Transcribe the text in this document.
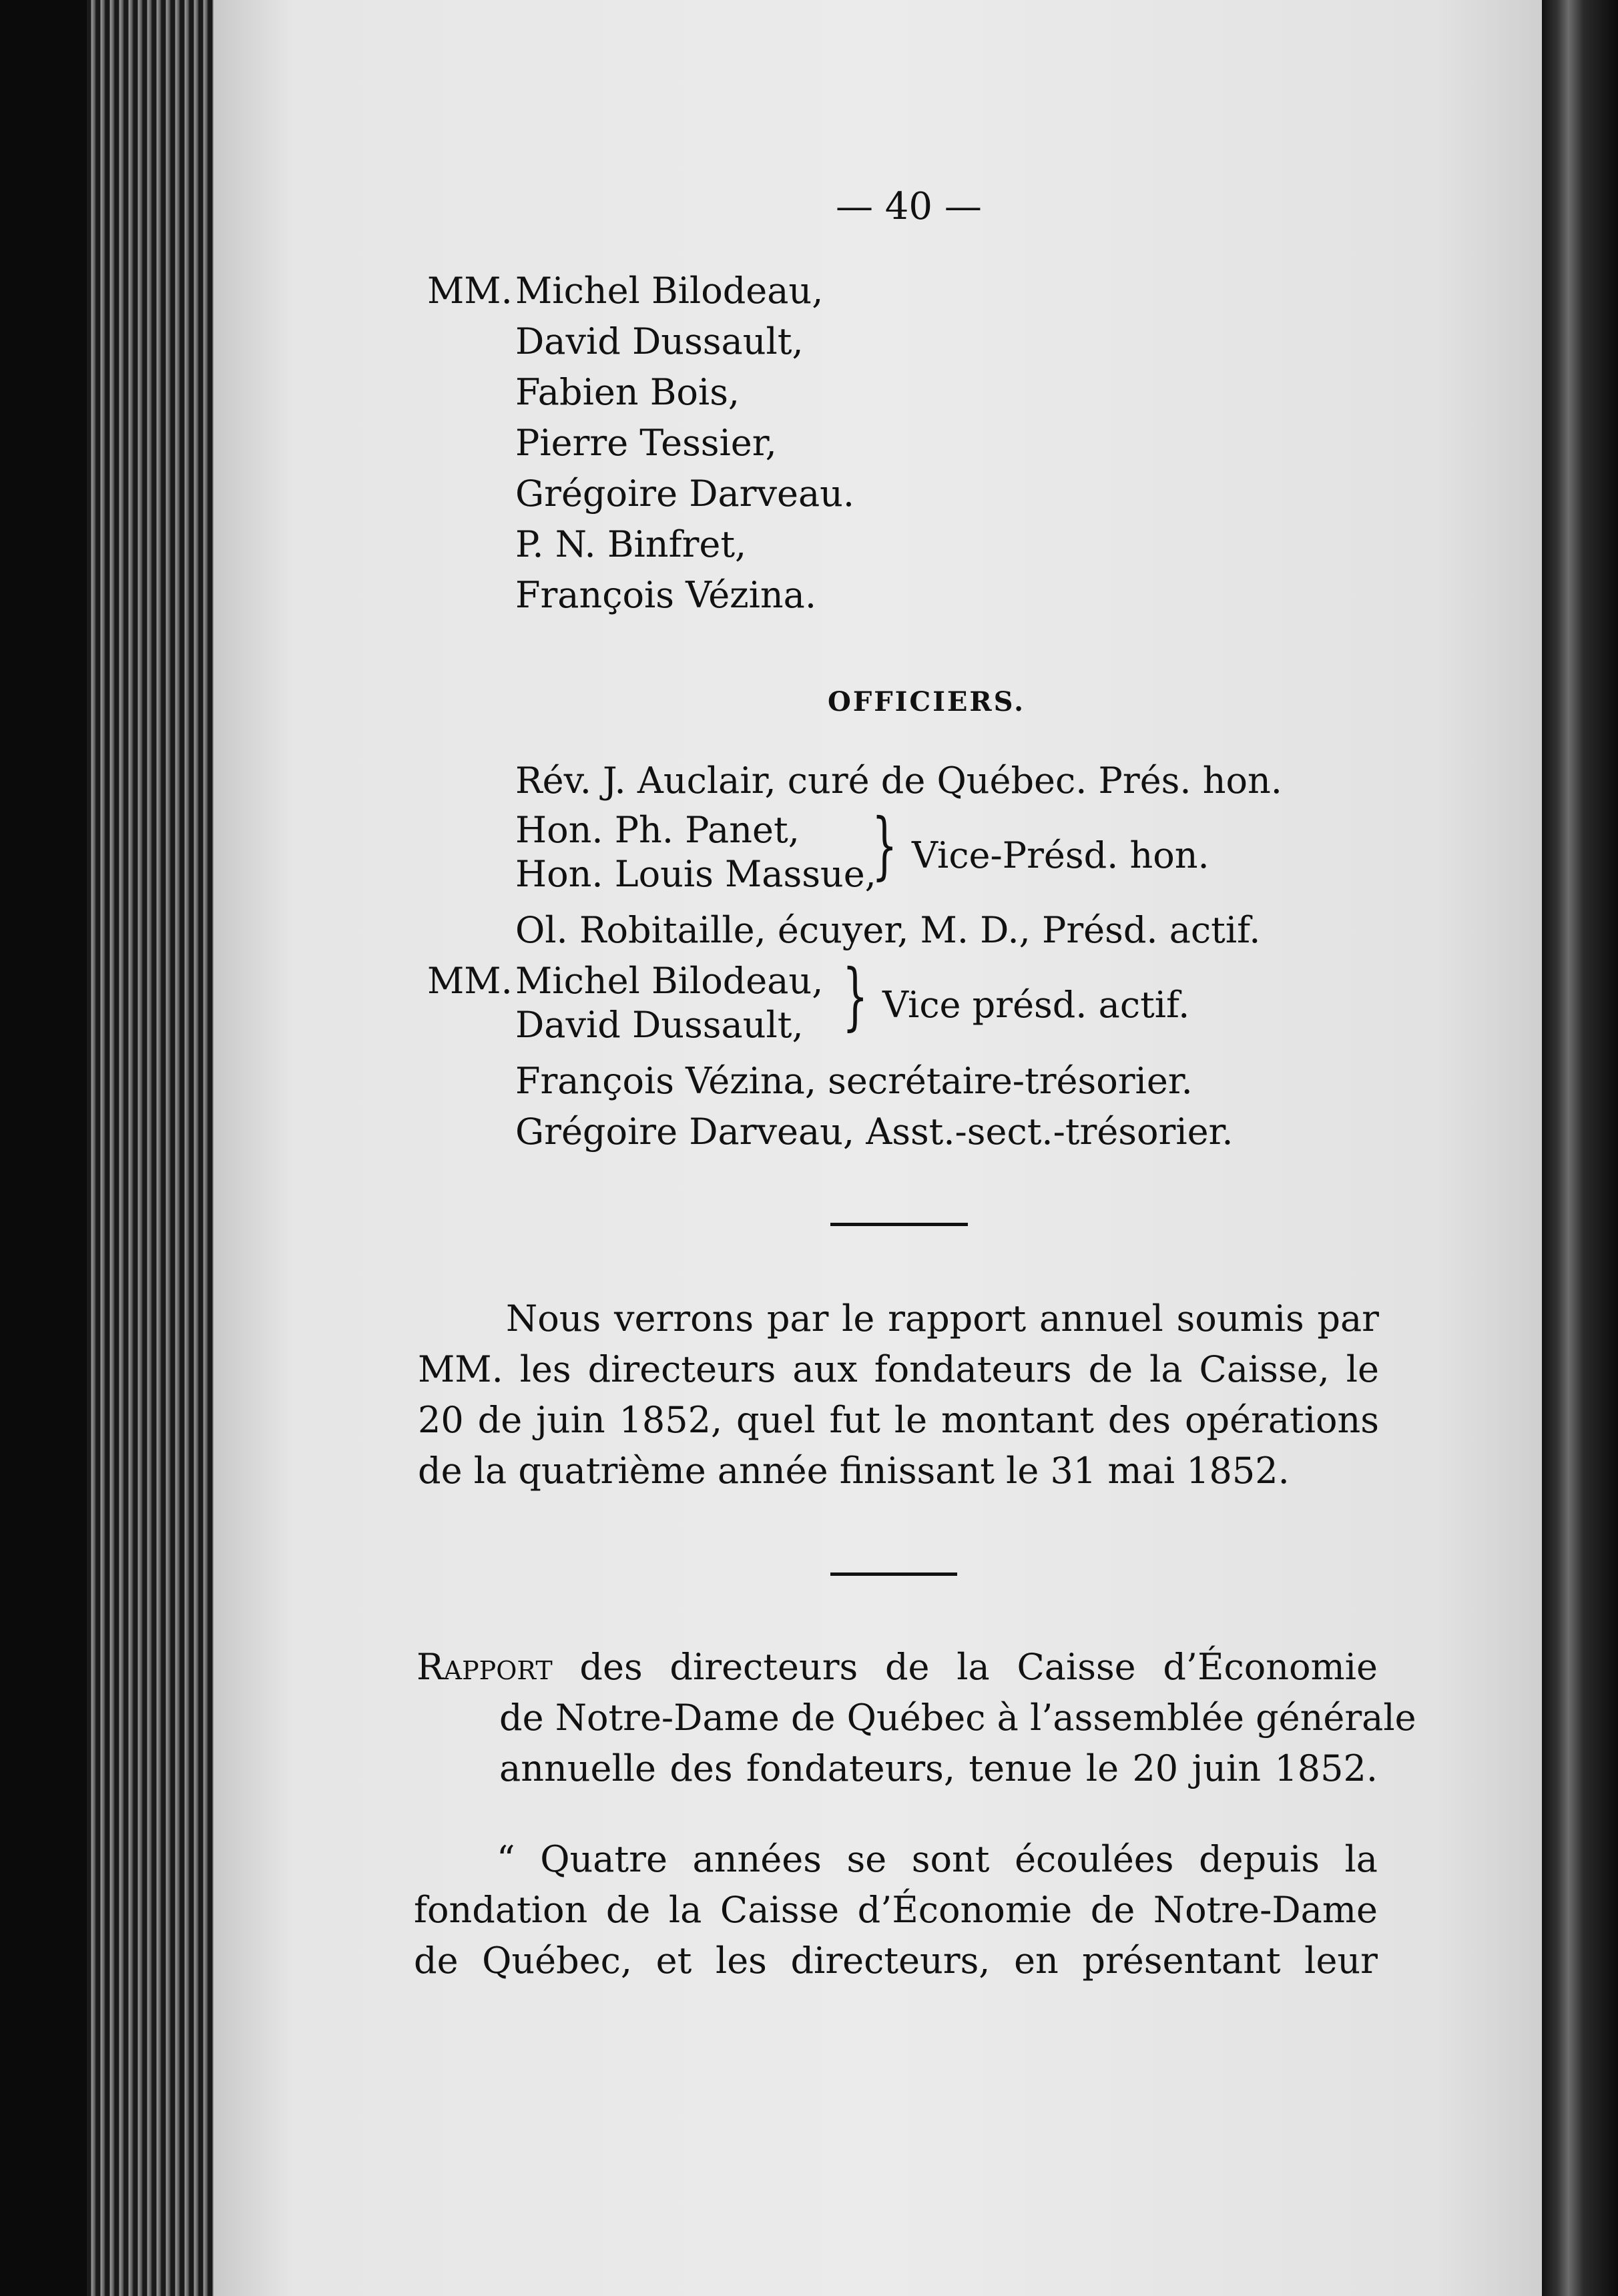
— 40 —
MM. Michel Bilodeau,
David Dussault,
Fabien Bois,
Pierre Tessier,
Grégoire Darveau.
P. N. Binfret,
François Vézina.
OFFICIERS.
Rév. J. Auclair, curé de Québec. Prés. hon.
Hon. Ph. Panet,
Hon. Louis Massue,
} Vice-Présd. hon.
Ol. Robitaille, écuyer, M. D., Présd. actif.
MM. Michel Bilodeau,
David Dussault, } Vice présd. actif.
François Vézina, secrétaire-trésorier.
Grégoire Darveau, Asst.-sect.-trésorier.
Nous verrons par le rapport annuel soumis par
MM. les directeurs aux fondateurs de la Caisse, le
20 de juin 1852, quel fut le montant des opérations
de la quatrième année finissant le 31 mai 1852.
Rapport des directeurs de la Caisse d’Économie
de Notre-Dame de Québec à l’assemblée générale
annuelle des fondateurs, tenue le 20 juin 1852.
“ Quatre années se sont écoulées depuis la
fondation de la Caisse d’Économie de Notre-Dame
de Québec, et les directeurs, en présentant leur
